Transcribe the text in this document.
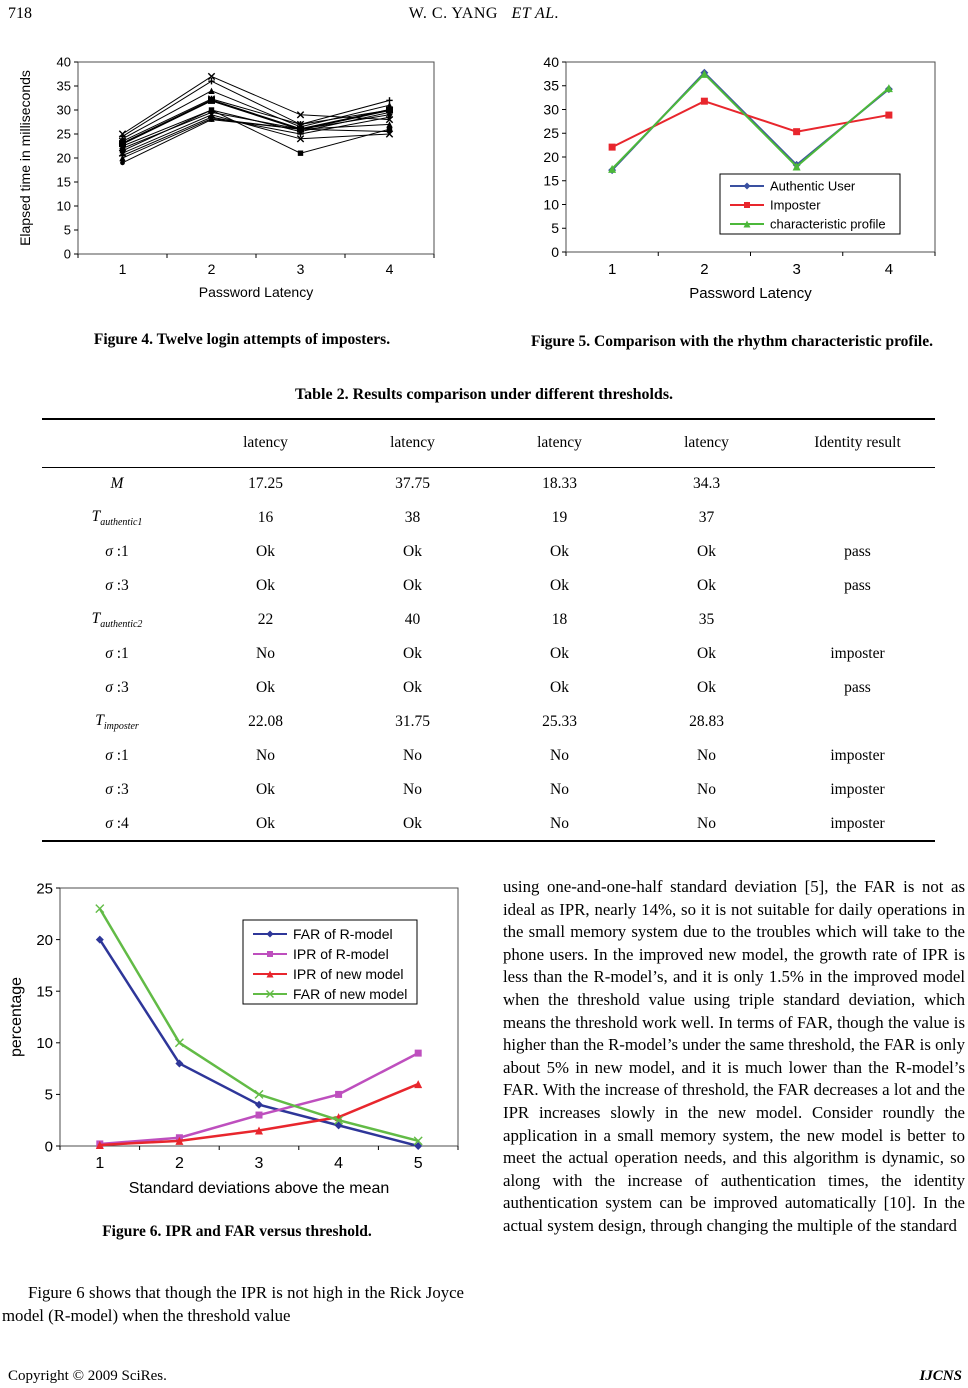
718	W. C. YANG ET AL.
0
5
10
15
20
25
30
35
40
1	2	3	4
Password Latency
Elapsed time in milliseconds
Figure 4. Twelve login attempts of imposters.
0
5
10
15
20
25
30
35
40
1	2	3	4
Password Latency
Authentic User
Imposter
characteristic profile
Figure 5. Comparison with the rhythm characteristic profile.
Table 2. Results comparison under different thresholds.
	latency	latency	latency	latency	Identity result
M	17.25	37.75	18.33	34.3	
$T_{authentic1}$	16	38	19	37	
σ :1	Ok	Ok	Ok	Ok	pass
σ :3	Ok	Ok	Ok	Ok	pass
$T_{authentic2}$	22	40	18	35	
σ :1	No	Ok	Ok	Ok	imposter
σ :3	Ok	Ok	Ok	Ok	pass
$T_{imposter}$	22.08	31.75	25.33	28.83	
σ :1	No	No	No	No	imposter
σ :3	Ok	No	No	No	imposter
σ :4	Ok	Ok	No	No	imposter
0
5
10
15
20
25
1	2	3	4	5
Standard deviations above the mean
percentage
FAR of R-model
IPR of R-model
IPR of new model
FAR of new model
Figure 6. IPR and FAR versus threshold.
Figure 6 shows that though the IPR is not high in the Rick Joyce model (R-model) when the threshold value
using one-and-one-half standard deviation [5], the FAR is not as ideal as IPR, nearly 14%, so it is not suitable for daily operations in the small memory system due to the troubles which will take to the phone users. In the improved new model, the growth rate of IPR is less than the R-model’s, and it is only 1.5% in the improved model when the threshold value using triple standard deviation, which means the threshold work well. In terms of FAR, though the value is higher than the R-model’s under the same threshold, the FAR is only about 5% in new model, and it is much lower than the R-model’s FAR. With the increase of threshold, the FAR decreases a lot and the IPR increases slowly in the new model. Consider roundly the application in a small memory system, the new model is better to meet the actual operation needs, and this algorithm is dynamic, so along with the increase of authentication times, the identity authentication system can be improved automatically [10]. In the actual system design, through changing the multiple of the standard
Copyright © 2009 SciRes.	IJCNS
